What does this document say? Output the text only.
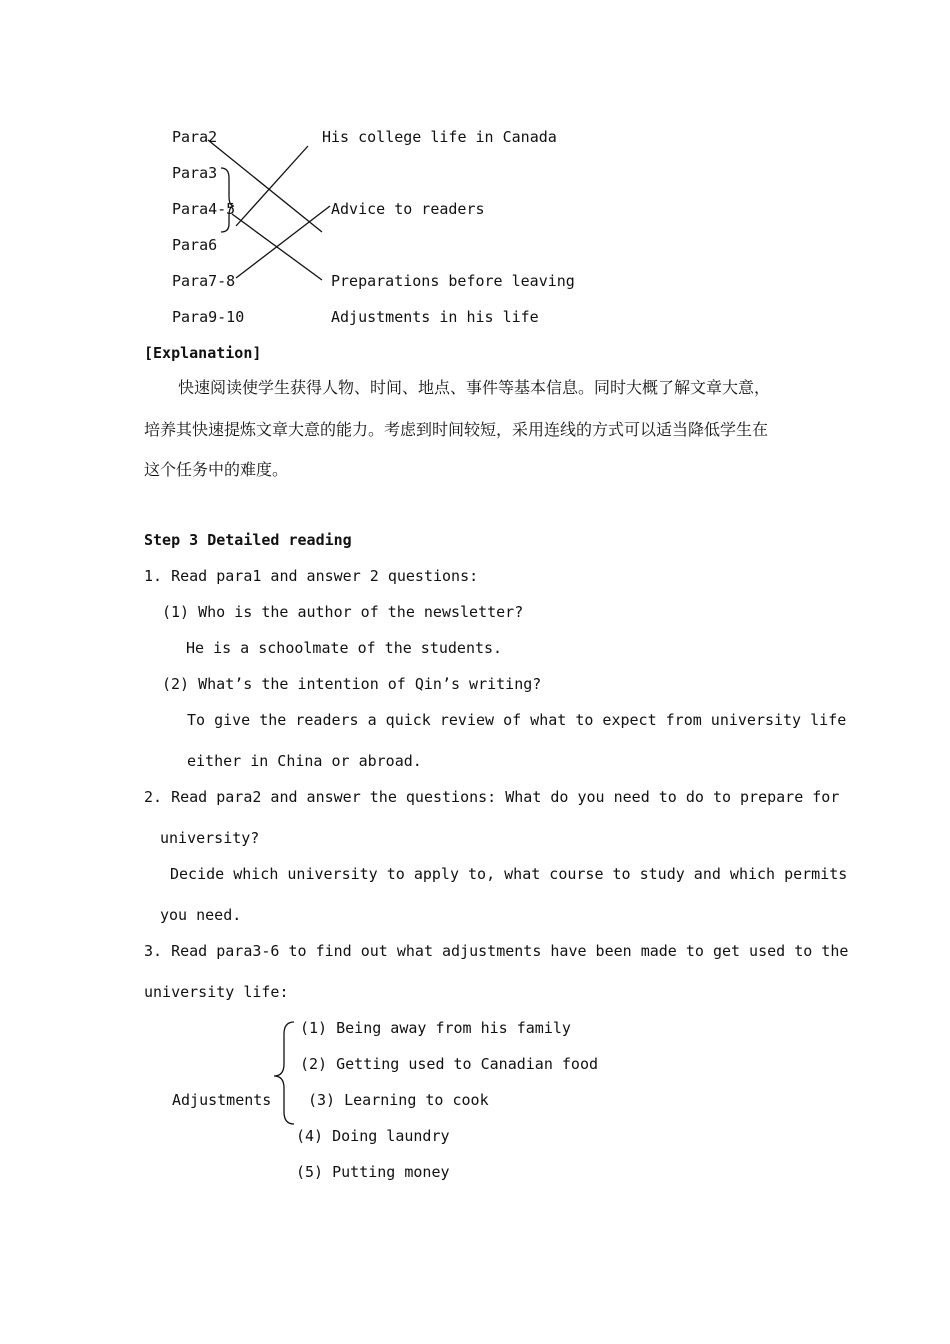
Para2
Para3
Para4-5
Para6
Para7-8
Para9-10
His college life in Canada
Advice to readers
Preparations before leaving
Adjustments in his life
[Explanation]
快速阅读使学生获得人物、时间、地点、事件等基本信息。同时大概了解文章大意，
培养其快速提炼文章大意的能力。考虑到时间较短，采用连线的方式可以适当降低学生在
这个任务中的难度。
Step 3 Detailed reading
1. Read para1 and answer 2 questions:
(1) Who is the author of the newsletter?
He is a schoolmate of the students.
(2) What’s the intention of Qin’s writing?
To give the readers a quick review of what to expect from university life
either in China or abroad.
2. Read para2 and answer the questions: What do you need to do to prepare for
university?
Decide which university to apply to, what course to study and which permits
you need.
3. Read para3-6 to find out what adjustments have been made to get used to the
university life:
Adjustments
(1) Being away from his family
(2) Getting used to Canadian food
(3) Learning to cook
(4) Doing laundry
(5) Putting money
